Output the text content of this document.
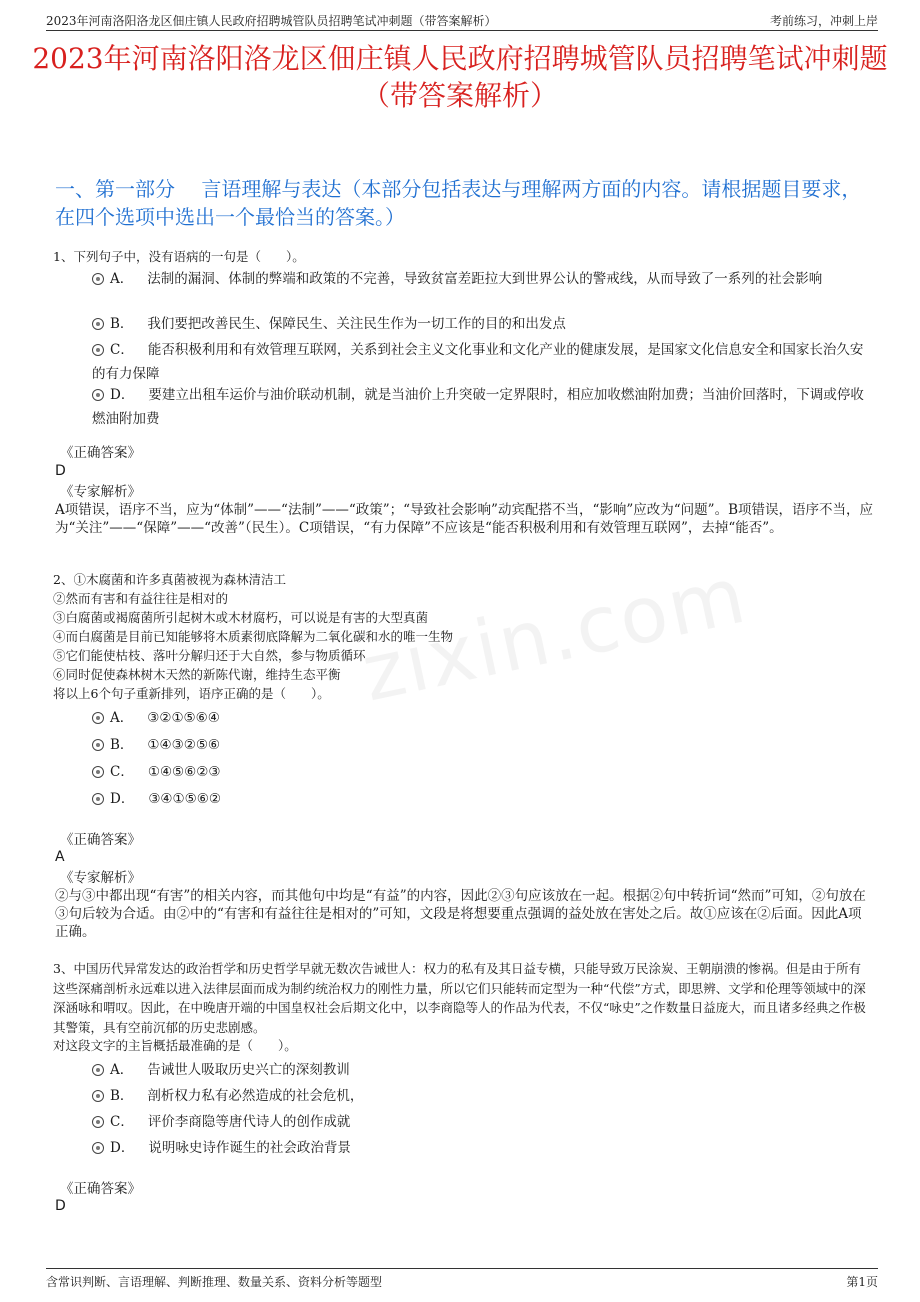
2023年河南洛阳洛龙区佃庄镇人民政府招聘城管队员招聘笔试冲刺题（带答案解析）	考前练习，冲刺上岸
2023年河南洛阳洛龙区佃庄镇人民政府招聘城管队员招聘笔试冲刺题（带答案解析）
一、第一部分　 言语理解与表达（本部分包括表达与理解两方面的内容。请根据题目要求，在四个选项中选出一个最恰当的答案。）
zixin.com
1、下列句子中，没有语病的一句是（　　）。
A． 法制的漏洞、体制的弊端和政策的不完善，导致贫富差距拉大到世界公认的警戒线，从而导致了一系列的社会影响
B． 我们要把改善民生、保障民生、关注民生作为一切工作的目的和出发点
C． 能否积极利用和有效管理互联网，关系到社会主义文化事业和文化产业的健康发展，是国家文化信息安全和国家长治久安的有力保障
D． 要建立出租车运价与油价联动机制，就是当油价上升突破一定界限时，相应加收燃油附加费；当油价回落时，下调或停收燃油附加费
《正确答案》
D
《专家解析》
A项错误，语序不当，应为“体制”——“法制”——“政策”；“导致社会影响”动宾配搭不当，“影响”应改为“问题”。B项错误，语序不当，应为“关注”——“保障”——“改善”（民生）。C项错误，“有力保障”不应该是“能否积极利用和有效管理互联网”，去掉“能否”。
2、①木腐菌和许多真菌被视为森林清洁工
②然而有害和有益往往是相对的
③白腐菌或褐腐菌所引起树木或木材腐朽，可以说是有害的大型真菌
④而白腐菌是目前已知能够将木质素彻底降解为二氧化碳和水的唯一生物
⑤它们能使枯枝、落叶分解归还于大自然，参与物质循环
⑥同时促使森林树木天然的新陈代谢，维持生态平衡
将以上6个句子重新排列，语序正确的是（　　）。
A． ③②①⑤⑥④
B． ①④③②⑤⑥
C． ①④⑤⑥②③
D． ③④①⑤⑥②
《正确答案》
A
《专家解析》
②与③中都出现“有害”的相关内容，而其他句中均是“有益”的内容，因此②③句应该放在一起。根据②句中转折词“然而”可知，②句放在③句后较为合适。由②中的“有害和有益往往是相对的”可知，文段是将想要重点强调的益处放在害处之后。故①应该在②后面。因此A项正确。
3、中国历代异常发达的政治哲学和历史哲学早就无数次告诫世人：权力的私有及其日益专横，只能导致万民涂炭、王朝崩溃的惨祸。但是由于所有这些深痛剖析永远难以进入法律层面而成为制约统治权力的刚性力量，所以它们只能转而定型为一种“代偿”方式，即思辨、文学和伦理等领域中的深深涵咏和喟叹。因此，在中晚唐开端的中国皇权社会后期文化中，以李商隐等人的作品为代表，不仅“咏史”之作数量日益庞大，而且诸多经典之作极其警策，具有空前沉郁的历史悲剧感。
对这段文字的主旨概括最准确的是（　　）。
A． 告诫世人吸取历史兴亡的深刻教训
B． 剖析权力私有必然造成的社会危机，
C． 评价李商隐等唐代诗人的创作成就
D． 说明咏史诗作诞生的社会政治背景
《正确答案》
D
含常识判断、言语理解、判断推理、数量关系、资料分析等题型	第1页
